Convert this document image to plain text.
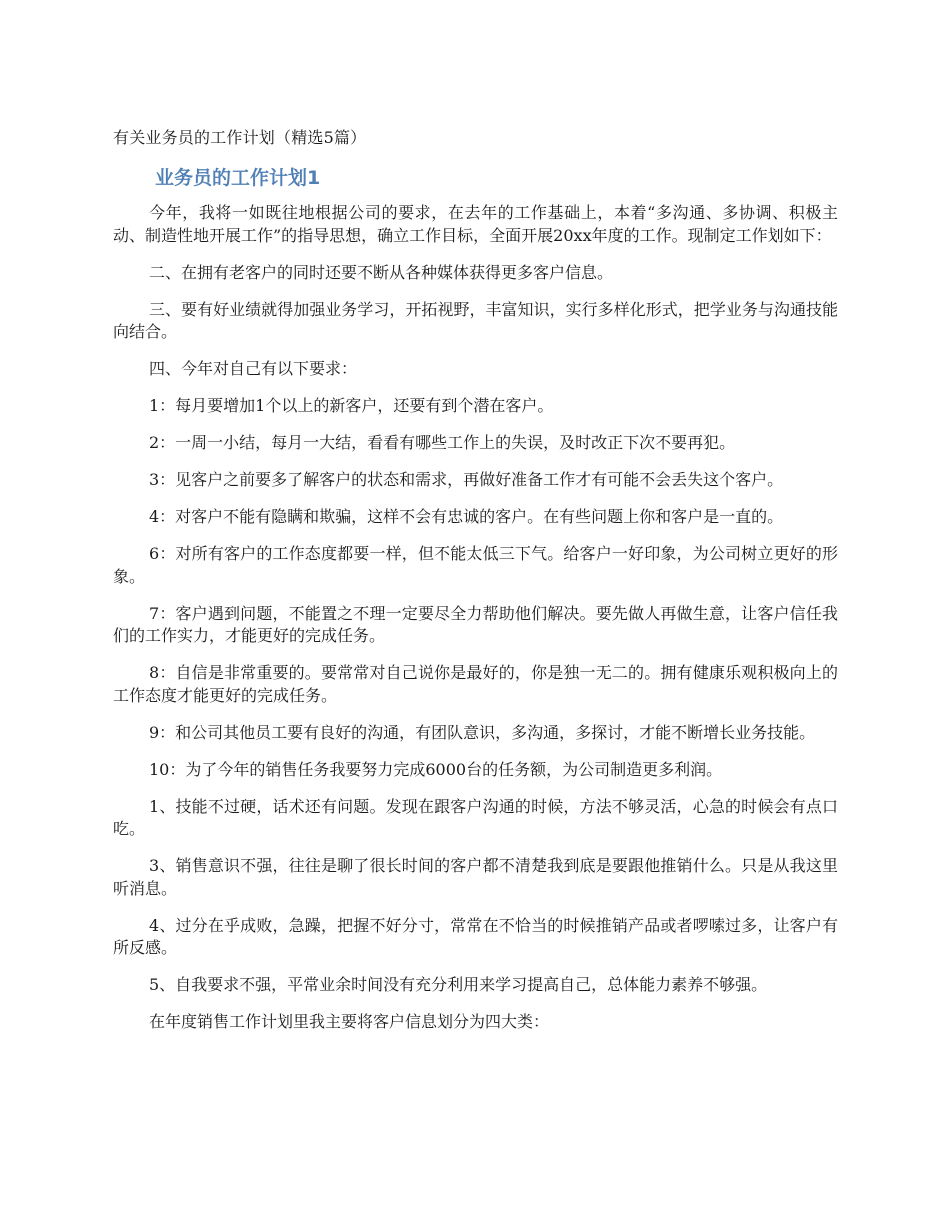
有关业务员的工作计划（精选5篇）
业务员的工作计划1

今年，我将一如既往地根据公司的要求，在去年的工作基础上，本着“多沟通、多协调、积极主动、制造性地开展工作”的指导思想，确立工作目标，全面开展20xx年度的工作。现制定工作划如下：

二、在拥有老客户的同时还要不断从各种媒体获得更多客户信息。

三、要有好业绩就得加强业务学习，开拓视野，丰富知识，实行多样化形式，把学业务与沟通技能向结合。

四、今年对自己有以下要求：

1：每月要增加1个以上的新客户，还要有到个潜在客户。

2：一周一小结，每月一大结，看看有哪些工作上的失误，及时改正下次不要再犯。

3：见客户之前要多了解客户的状态和需求，再做好准备工作才有可能不会丢失这个客户。

4：对客户不能有隐瞒和欺骗，这样不会有忠诚的客户。在有些问题上你和客户是一直的。

6：对所有客户的工作态度都要一样，但不能太低三下气。给客户一好印象，为公司树立更好的形象。

7：客户遇到问题，不能置之不理一定要尽全力帮助他们解决。要先做人再做生意，让客户信任我们的工作实力，才能更好的完成任务。

8：自信是非常重要的。要常常对自己说你是最好的，你是独一无二的。拥有健康乐观积极向上的工作态度才能更好的完成任务。

9：和公司其他员工要有良好的沟通，有团队意识，多沟通，多探讨，才能不断增长业务技能。

10：为了今年的销售任务我要努力完成6000台的任务额，为公司制造更多利润。

1、技能不过硬，话术还有问题。发现在跟客户沟通的时候，方法不够灵活，心急的时候会有点口吃。

3、销售意识不强，往往是聊了很长时间的客户都不清楚我到底是要跟他推销什么。只是从我这里听消息。

4、过分在乎成败，急躁，把握不好分寸，常常在不恰当的时候推销产品或者啰嗦过多，让客户有所反感。

5、自我要求不强，平常业余时间没有充分利用来学习提高自己，总体能力素养不够强。

在年度销售工作计划里我主要将客户信息划分为四大类：
